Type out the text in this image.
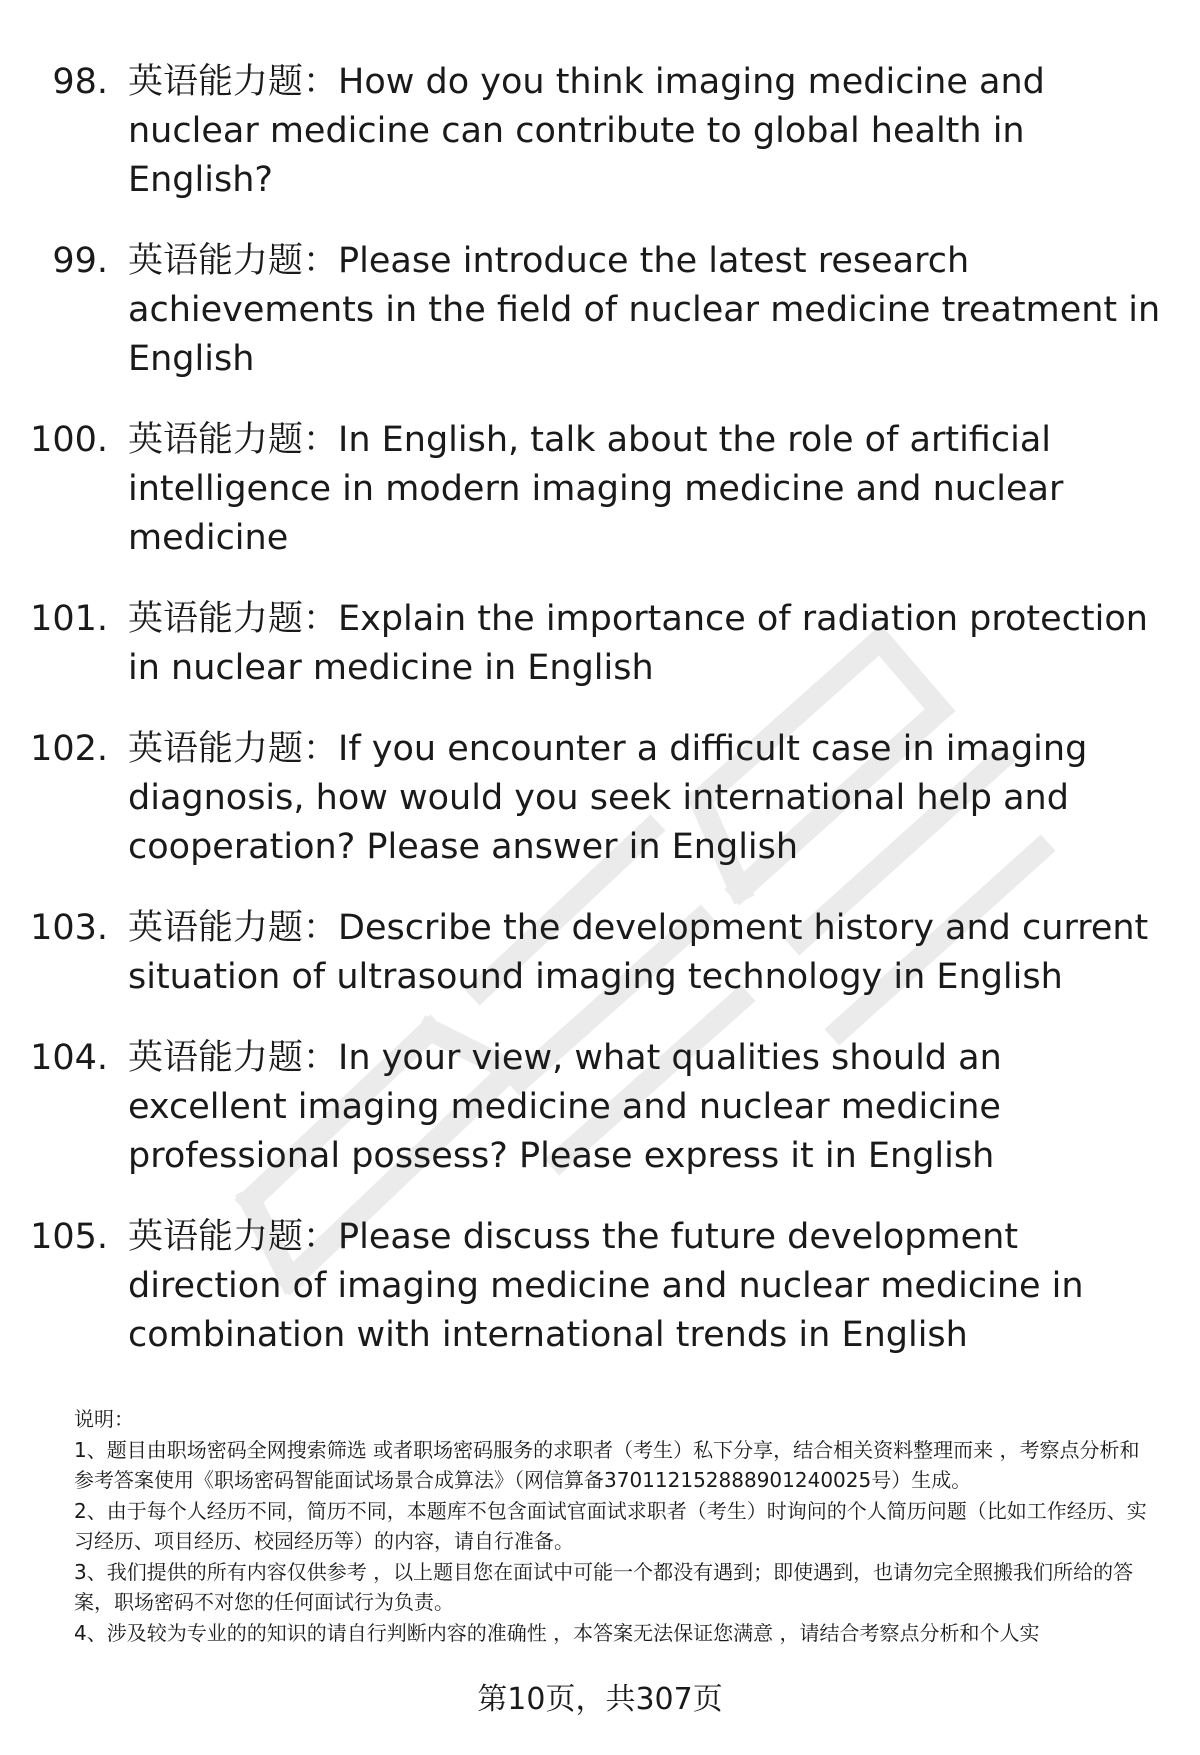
98. 英语能力题：How do you think imaging medicine and nuclear medicine can contribute to global health in English?
99. 英语能力题：Please introduce the latest research achievements in the field of nuclear medicine treatment in English
100. 英语能力题：In English, talk about the role of artificial intelligence in modern imaging medicine and nuclear medicine
101. 英语能力题：Explain the importance of radiation protection in nuclear medicine in English
102. 英语能力题：If you encounter a difficult case in imaging diagnosis, how would you seek international help and cooperation? Please answer in English
103. 英语能力题：Describe the development history and current situation of ultrasound imaging technology in English
104. 英语能力题：In your view, what qualities should an excellent imaging medicine and nuclear medicine professional possess? Please express it in English
105. 英语能力题：Please discuss the future development direction of imaging medicine and nuclear medicine in combination with international trends in English

说明：

1、题目由职场密码全网搜索筛选 或者职场密码服务的求职者（考生）私下分享，结合相关资料整理而来 ，考察点分析和参考答案使用《职场密码智能面试场景合成算法》（网信算备370112152888901240025号）生成。

2、由于每个人经历不同，简历不同，本题库不包含面试官面试求职者（考生）时询问的个人简历问题（比如工作经历、实习经历、项目经历、校园经历等）的内容，请自行准备。

3、我们提供的所有内容仅供参考 ，以上题目您在面试中可能一个都没有遇到；即使遇到，也请勿完全照搬我们所给的答案，职场密码不对您的任何面试行为负责。

4、涉及较为专业的的知识的请自行判断内容的准确性 ，本答案无法保证您满意 ，请结合考察点分析和个人实

第10页，共307页
